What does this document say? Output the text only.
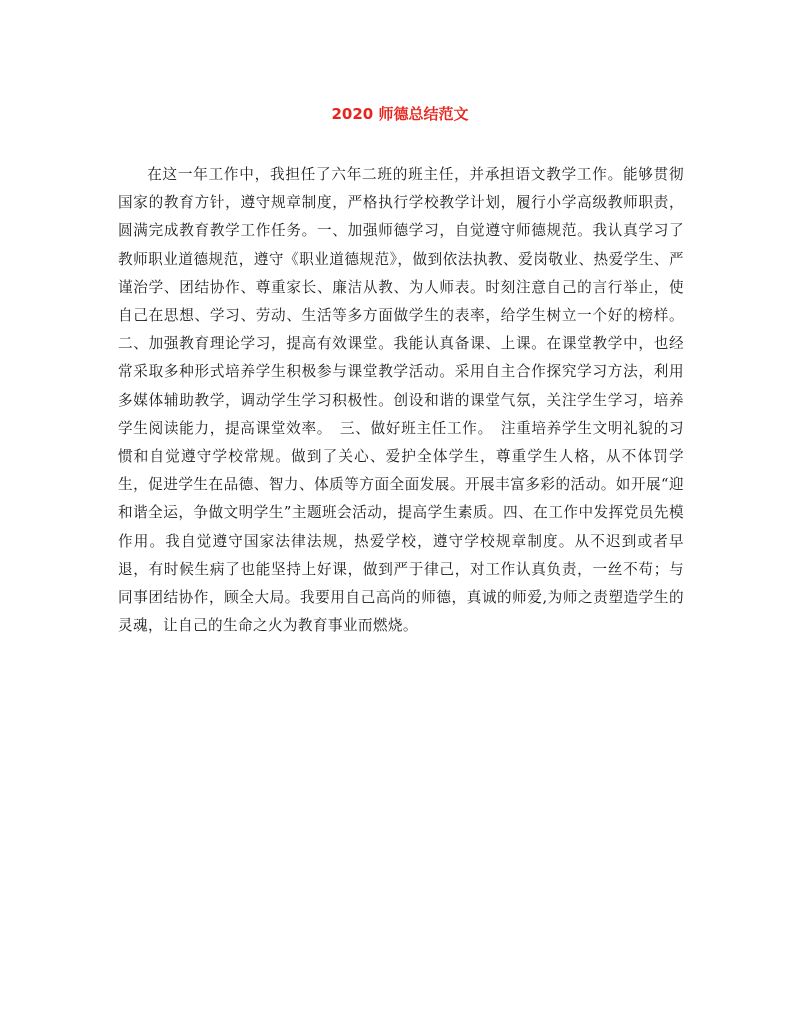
2020 师德总结范文

在这一年工作中，我担任了六年二班的班主任，并承担语文教学工作。能够贯彻国家的教育方针，遵守规章制度，严格执行学校教学计划，履行小学高级教师职责，圆满完成教育教学工作任务。一、加强师德学习，自觉遵守师德规范。我认真学习了教师职业道德规范，遵守《职业道德规范》，做到依法执教、爱岗敬业、热爱学生、严谨治学、团结协作、尊重家长、廉洁从教、为人师表。时刻注意自己的言行举止，使自己在思想、学习、劳动、生活等多方面做学生的表率，给学生树立一个好的榜样。二、加强教育理论学习，提高有效课堂。我能认真备课、上课。在课堂教学中，也经常采取多种形式培养学生积极参与课堂教学活动。采用自主合作探究学习方法，利用多媒体辅助教学，调动学生学习积极性。创设和谐的课堂气氛，关注学生学习，培养学生阅读能力，提高课堂效率。　三、做好班主任工作。　注重培养学生文明礼貌的习惯和自觉遵守学校常规。做到了关心、爱护全体学生，尊重学生人格，从不体罚学生，促进学生在品德、智力、体质等方面全面发展。开展丰富多彩的活动。如开展“迎和谐全运，争做文明学生”主题班会活动，提高学生素质。四、在工作中发挥党员先模作用。我自觉遵守国家法律法规，热爱学校，遵守学校规章制度。从不迟到或者早退，有时候生病了也能坚持上好课，做到严于律己，对工作认真负责，一丝不苟；与同事团结协作，顾全大局。我要用自己高尚的师德，真诚的师爱,为师之责塑造学生的灵魂，让自己的生命之火为教育事业而燃烧。
